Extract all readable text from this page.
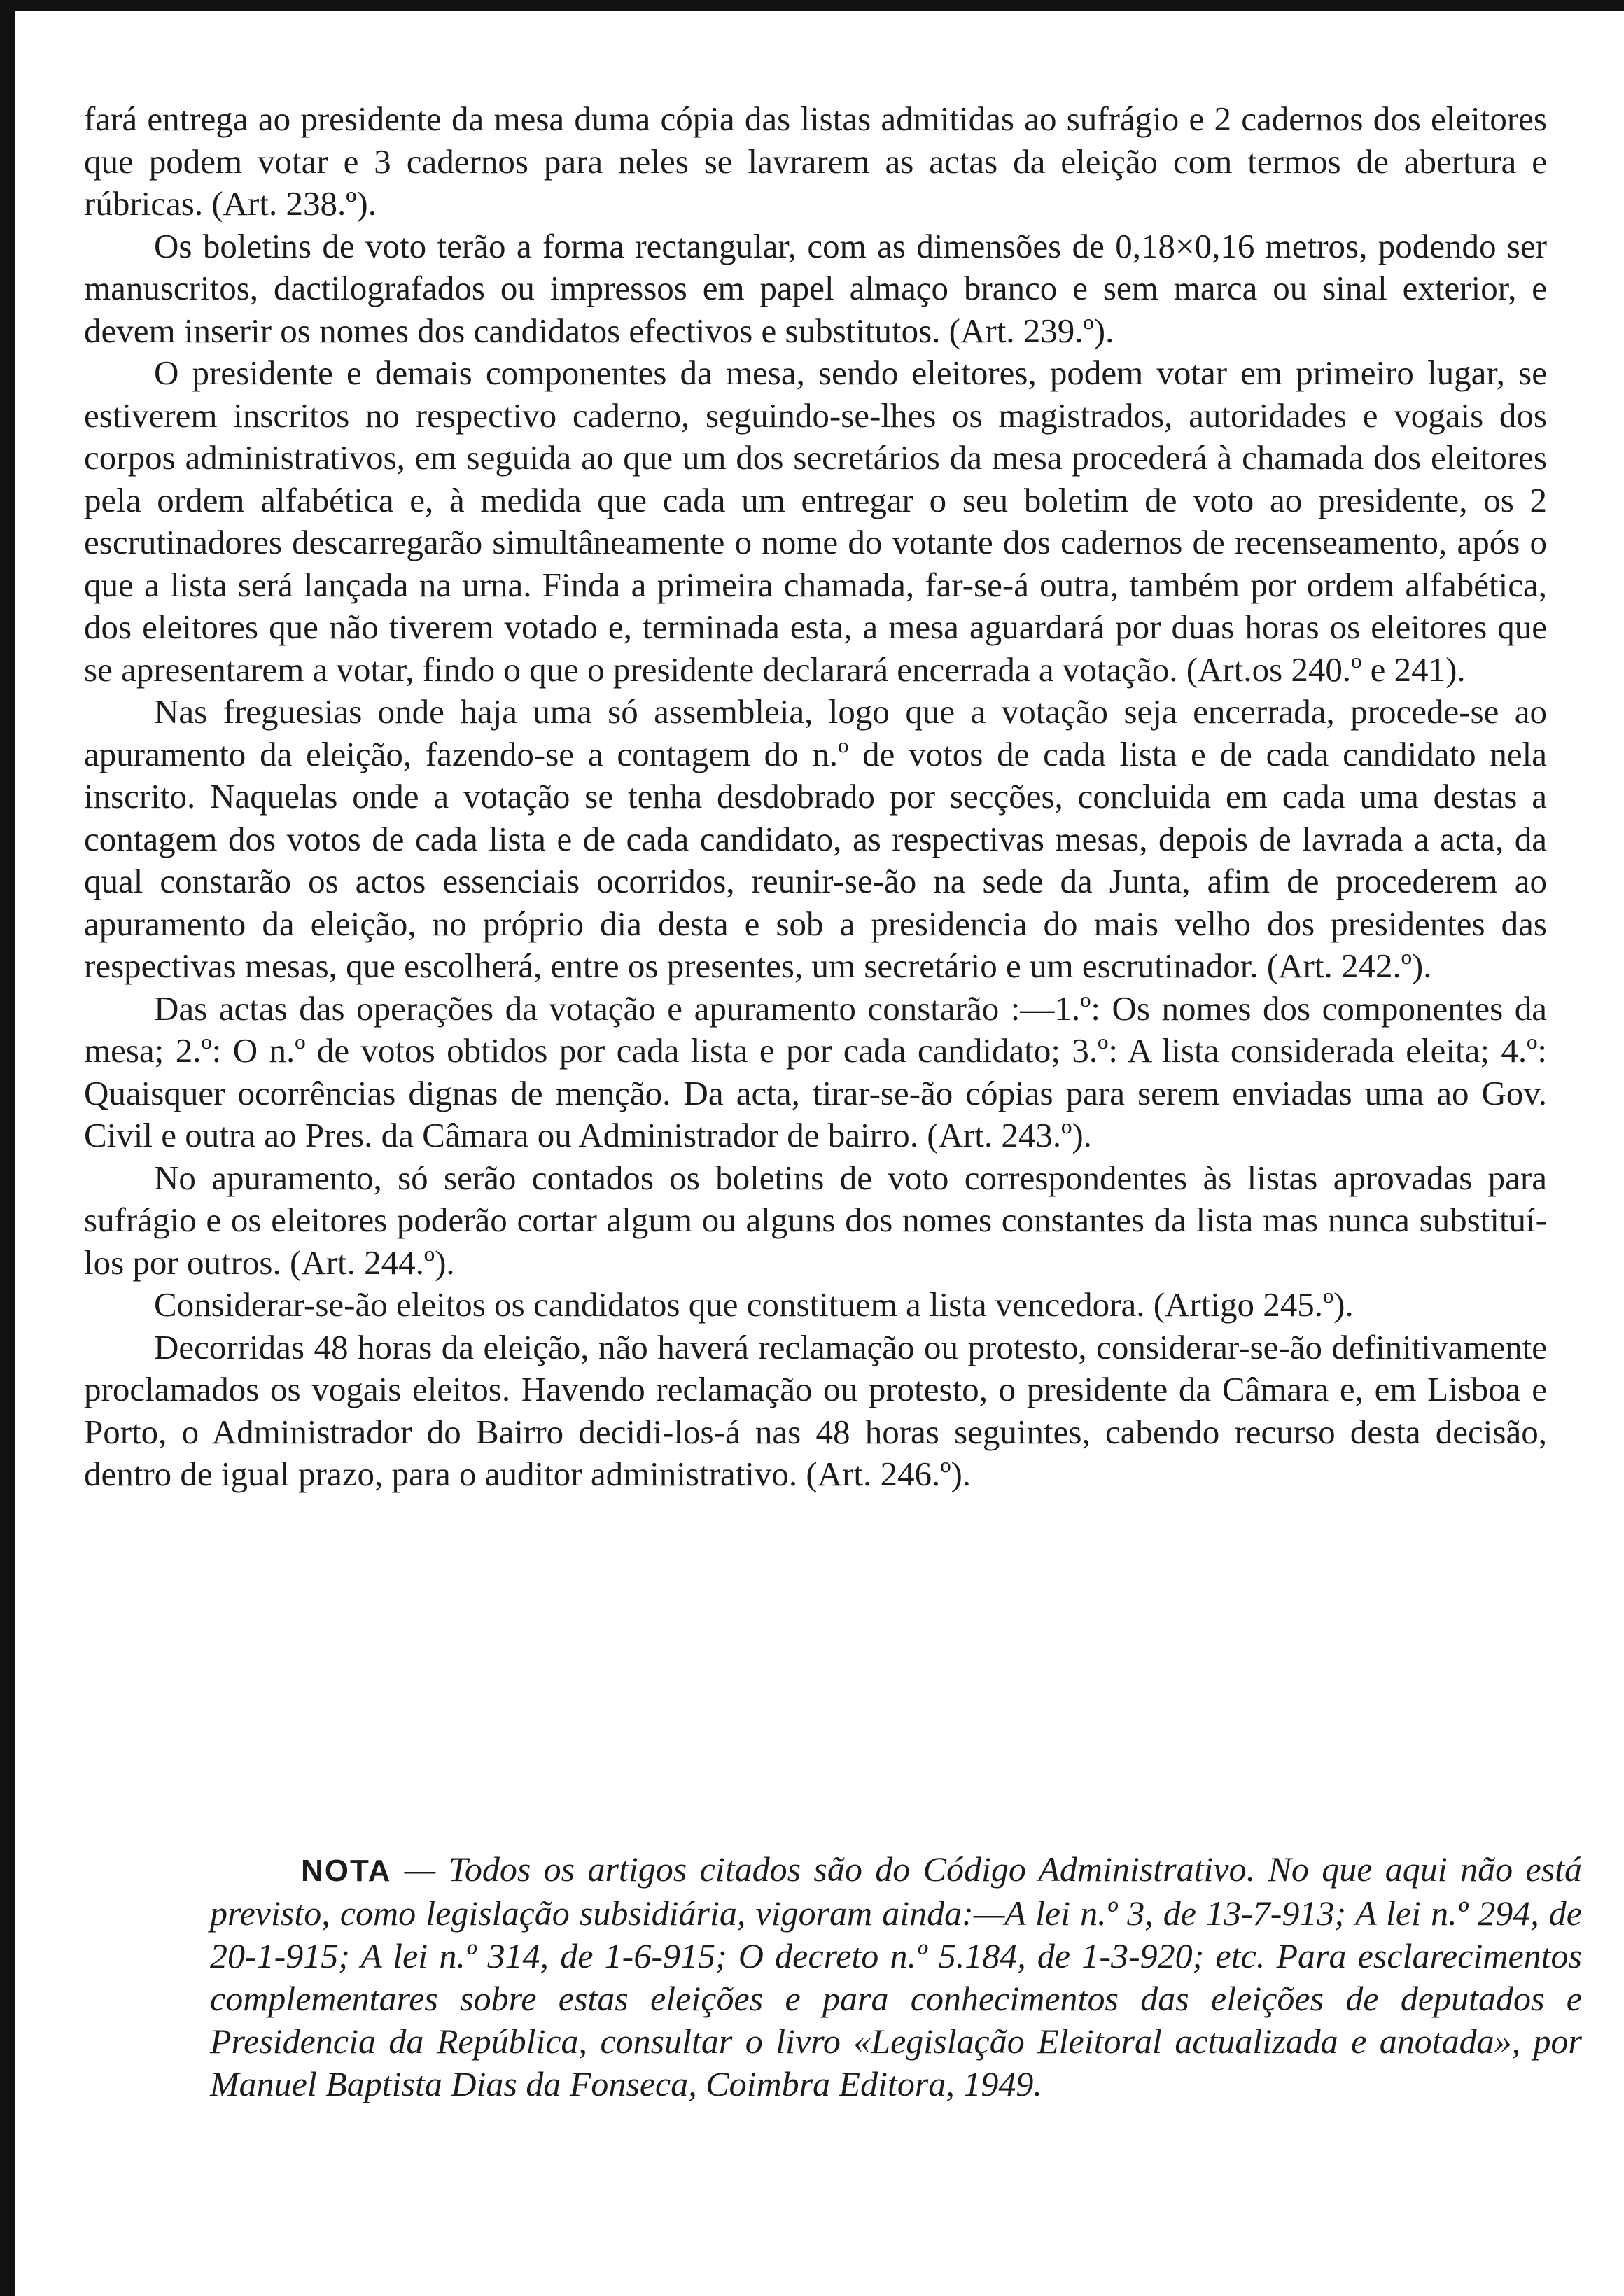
fará entrega ao presidente da mesa duma cópia das listas admitidas ao sufrágio e 2 cadernos dos eleitores que podem votar e 3 cadernos para neles se lavrarem as actas da eleição com termos de abertura e rúbricas. (Art. 238.º).

Os boletins de voto terão a forma rectangular, com as dimensões de 0,18×0,16 metros, podendo ser manuscritos, dactilografados ou impressos em papel almaço branco e sem marca ou sinal exterior, e devem inserir os nomes dos candidatos efectivos e substitutos. (Art. 239.º).

O presidente e demais componentes da mesa, sendo eleitores, podem votar em primeiro lugar, se estiverem inscritos no respectivo caderno, seguindo-se-lhes os magistrados, autoridades e vogais dos corpos administrativos, em seguida ao que um dos secretários da mesa procederá à chamada dos eleitores pela ordem alfabética e, à medida que cada um entregar o seu boletim de voto ao presidente, os 2 escrutinadores descarregarão simultâneamente o nome do votante dos cadernos de recenseamento, após o que a lista será lançada na urna. Finda a primeira chamada, far-se-á outra, também por ordem alfabética, dos eleitores que não tiverem votado e, terminada esta, a mesa aguardará por duas horas os eleitores que se apresentarem a votar, findo o que o presidente declarará encerrada a votação. (Art.os 240.º e 241).

Nas freguesias onde haja uma só assembleia, logo que a votação seja encerrada, procede-se ao apuramento da eleição, fazendo-se a contagem do n.º de votos de cada lista e de cada candidato nela inscrito. Naquelas onde a votação se tenha desdobrado por secções, concluida em cada uma destas a contagem dos votos de cada lista e de cada candidato, as respectivas mesas, depois de lavrada a acta, da qual constarão os actos essenciais ocorridos, reunir-se-ão na sede da Junta, afim de procederem ao apuramento da eleição, no próprio dia desta e sob a presidencia do mais velho dos presidentes das respectivas mesas, que escolherá, entre os presentes, um secretário e um escrutinador. (Art. 242.º).

Das actas das operações da votação e apuramento constarão :—1.º: Os nomes dos componentes da mesa; 2.º: O n.º de votos obtidos por cada lista e por cada candidato; 3.º: A lista considerada eleita; 4.º: Quaisquer ocorrências dignas de menção. Da acta, tirar-se-ão cópias para serem enviadas uma ao Gov. Civil e outra ao Pres. da Câmara ou Administrador de bairro. (Art. 243.º).

No apuramento, só serão contados os boletins de voto correspondentes às listas aprovadas para sufrágio e os eleitores poderão cortar algum ou alguns dos nomes constantes da lista mas nunca substituí-los por outros. (Art. 244.º).

Considerar-se-ão eleitos os candidatos que constituem a lista vencedora. (Artigo 245.º).

Decorridas 48 horas da eleição, não haverá reclamação ou protesto, considerar-se-ão definitivamente proclamados os vogais eleitos. Havendo reclamação ou protesto, o presidente da Câmara e, em Lisboa e Porto, o Administrador do Bairro decidi-los-á nas 48 horas seguintes, cabendo recurso desta decisão, dentro de igual prazo, para o auditor administrativo. (Art. 246.º).

NOTA — Todos os artigos citados são do Código Administrativo. No que aqui não está previsto, como legislação subsidiária, vigoram ainda:—A lei n.º 3, de 13-7-913; A lei n.º 294, de 20-1-915; A lei n.º 314, de 1-6-915; O decreto n.º 5.184, de 1-3-920; etc. Para esclarecimentos complementares sobre estas eleições e para conhecimentos das eleições de deputados e Presidencia da República, consultar o livro «Legislação Eleitoral actualizada e anotada», por Manuel Baptista Dias da Fonseca, Coimbra Editora, 1949.
